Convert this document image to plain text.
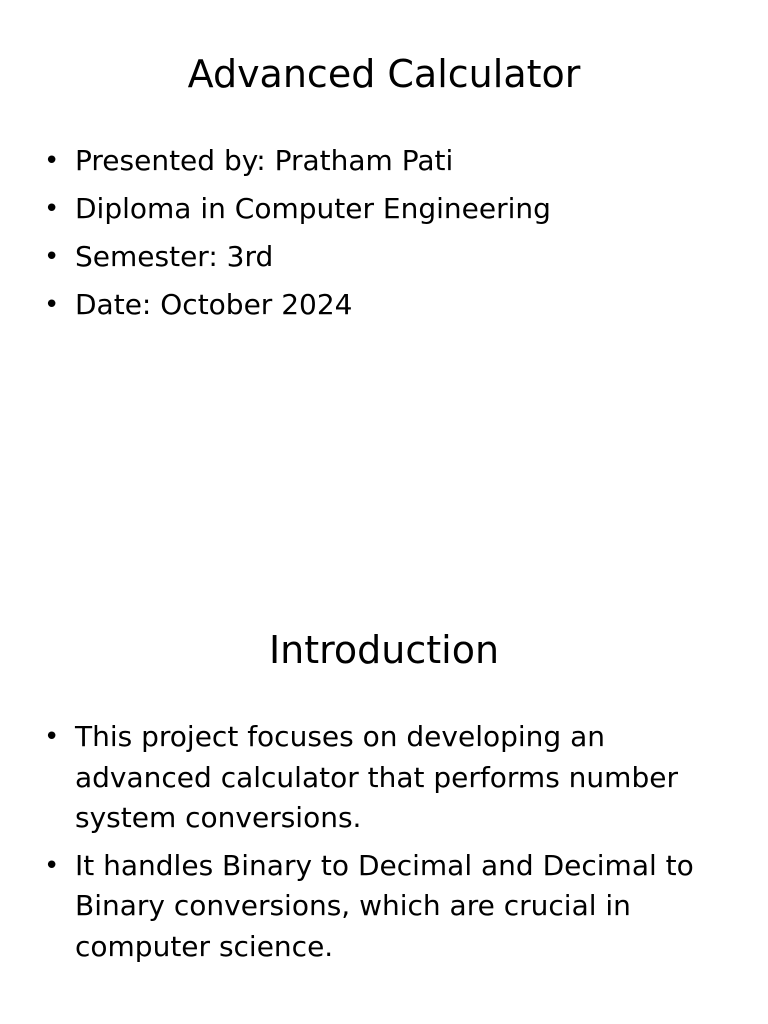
Advanced Calculator
• Presented by: Pratham Pati
• Diploma in Computer Engineering
• Semester: 3rd
• Date: October 2024
Introduction
• This project focuses on developing an advanced calculator that performs number system conversions.
• It handles Binary to Decimal and Decimal to Binary conversions, which are crucial in computer science.
